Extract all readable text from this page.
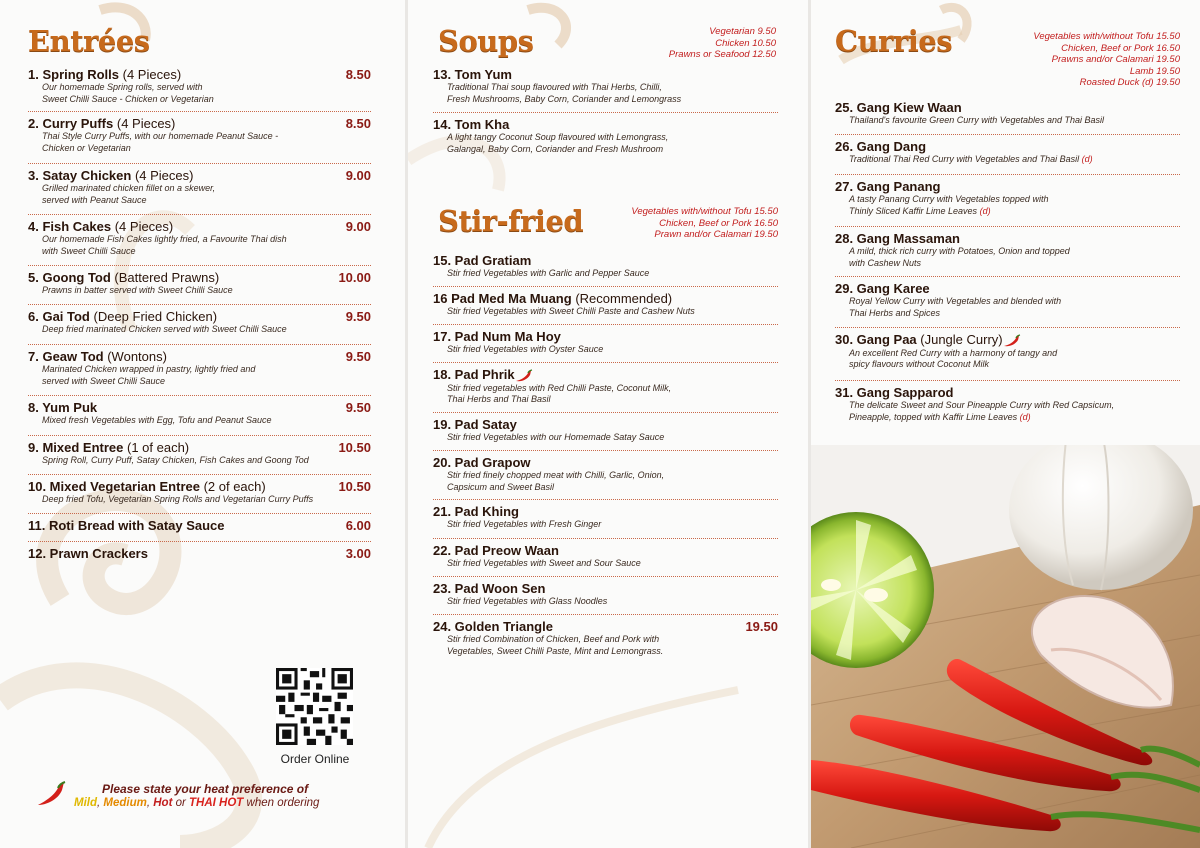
Entrées
1. Spring Rolls (4 Pieces)	8.50
Our homemade Spring rolls, served with
Sweet Chilli Sauce - Chicken or Vegetarian
2. Curry Puffs (4 Pieces)	8.50
Thai Style Curry Puffs, with our homemade Peanut Sauce -
Chicken or Vegetarian
3. Satay Chicken (4 Pieces)	9.00
Grilled marinated chicken fillet on a skewer,
served with Peanut Sauce
4. Fish Cakes (4 Pieces)	9.00
Our homemade Fish Cakes lightly fried, a Favourite Thai dish
with Sweet Chilli Sauce
5. Goong Tod (Battered Prawns)	10.00
Prawns in batter served with Sweet Chilli Sauce
6. Gai Tod (Deep Fried Chicken)	9.50
Deep fried marinated Chicken served with Sweet Chilli Sauce
7. Geaw Tod (Wontons)	9.50
Marinated Chicken wrapped in pastry, lightly fried and
served with Sweet Chilli Sauce
8. Yum Puk	9.50
Mixed fresh Vegetables with Egg, Tofu and Peanut Sauce
9. Mixed Entree (1 of each)	10.50
Spring Roll, Curry Puff, Satay Chicken, Fish Cakes and Goong Tod
10. Mixed Vegetarian Entree (2 of each)	10.50
Deep fried Tofu, Vegetarian Spring Rolls and Vegetarian Curry Puffs
11. Roti Bread with Satay Sauce	6.00
12. Prawn Crackers	3.00
Order Online
Please state your heat preference of
Mild, Medium, Hot or THAI HOT when ordering
Soups	Vegetarian 9.50
Chicken 10.50
Prawns or Seafood 12.50
13. Tom Yum
Traditional Thai soup flavoured with Thai Herbs, Chilli,
Fresh Mushrooms, Baby Corn, Coriander and Lemongrass
14. Tom Kha
A light tangy Coconut Soup flavoured with Lemongrass,
Galangal, Baby Corn, Coriander and Fresh Mushroom
Stir-fried	Vegetables with/without Tofu 15.50
Chicken, Beef or Pork 16.50
Prawn and/or Calamari 19.50
15. Pad Gratiam
Stir fried Vegetables with Garlic and Pepper Sauce
16 Pad Med Ma Muang (Recommended)
Stir fried Vegetables with Sweet Chilli Paste and Cashew Nuts
17. Pad Num Ma Hoy
Stir fried Vegetables with Oyster Sauce
18. Pad Phrik
Stir fried vegetables with Red Chilli Paste, Coconut Milk,
Thai Herbs and Thai Basil
19. Pad Satay
Stir fried Vegetables with our Homemade Satay Sauce
20. Pad Grapow
Stir fried finely chopped meat with Chilli, Garlic, Onion,
Capsicum and Sweet Basil
21. Pad Khing
Stir fried Vegetables with Fresh Ginger
22. Pad Preow Waan
Stir fried Vegetables with Sweet and Sour Sauce
23. Pad Woon Sen
Stir fried Vegetables with Glass Noodles
24. Golden Triangle	19.50
Stir fried Combination of Chicken, Beef and Pork with
Vegetables, Sweet Chilli Paste, Mint and Lemongrass.
Curries	Vegetables with/without Tofu 15.50
Chicken, Beef or Pork 16.50
Prawns and/or Calamari 19.50
Lamb 19.50
Roasted Duck (d) 19.50
25. Gang Kiew Waan
Thailand's favourite Green Curry with Vegetables and Thai Basil
26. Gang Dang
Traditional Thai Red Curry with Vegetables and Thai Basil (d)
27. Gang Panang
A tasty Panang Curry with Vegetables topped with
Thinly Sliced Kaffir Lime Leaves (d)
28. Gang Massaman
A mild, thick rich curry with Potatoes, Onion and topped
with Cashew Nuts
29. Gang Karee
Royal Yellow Curry with Vegetables and blended with
Thai Herbs and Spices
30. Gang Paa (Jungle Curry)
An excellent Red Curry with a harmony of tangy and
spicy flavours without Coconut Milk
31. Gang Sapparod
The delicate Sweet and Sour Pineapple Curry with Red Capsicum,
Pineapple, topped with Kaffir Lime Leaves (d)
